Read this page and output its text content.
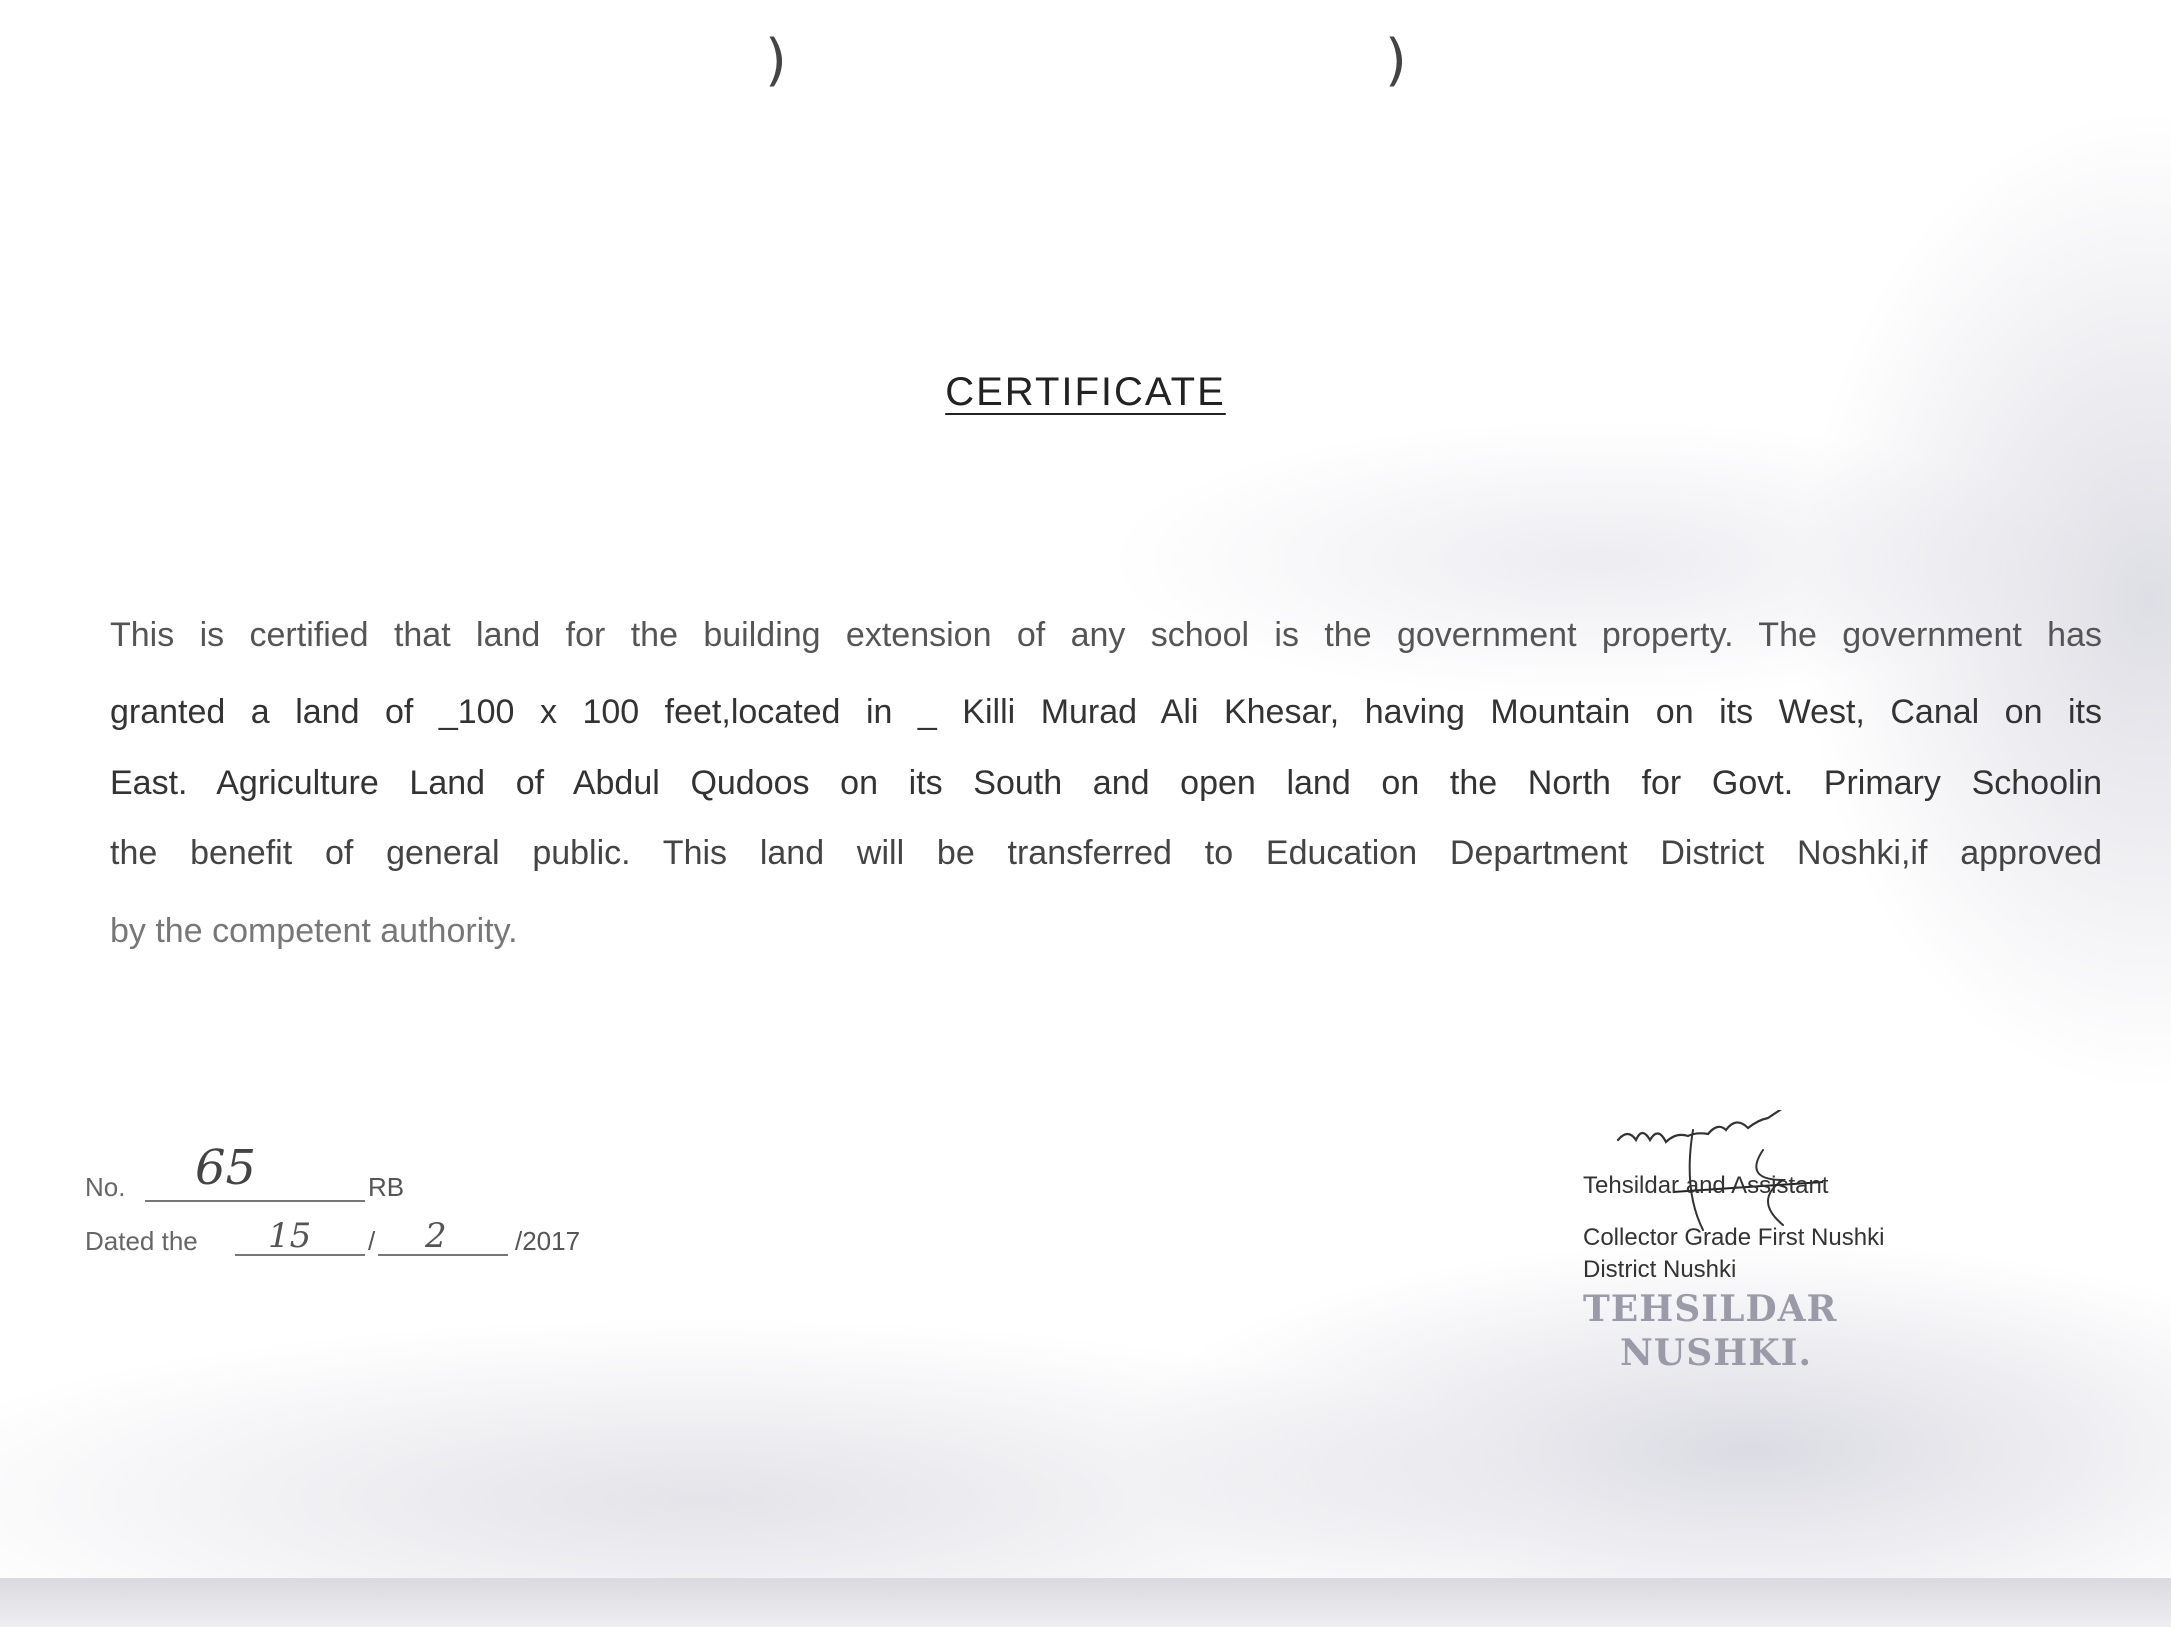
)	)
CERTIFICATE
This is certified that land for the building extension of any school is the government property. The government has
granted a land of _100 x 100 feet,located in _ Killi Murad Ali Khesar, having Mountain on its West, Canal on its
East. Agriculture Land of Abdul Qudoos on its South and open land on the North for Govt. Primary Schoolin
the benefit of general public. This land will be transferred to Education Department District Noshki,if approved
by the competent authority.
No. 65	RB
Dated the 15 / 2	/2017
Tehsildar and Assistant
Collector Grade First Nushki
District Nushki
TEHSILDAR
NUSHKI.
